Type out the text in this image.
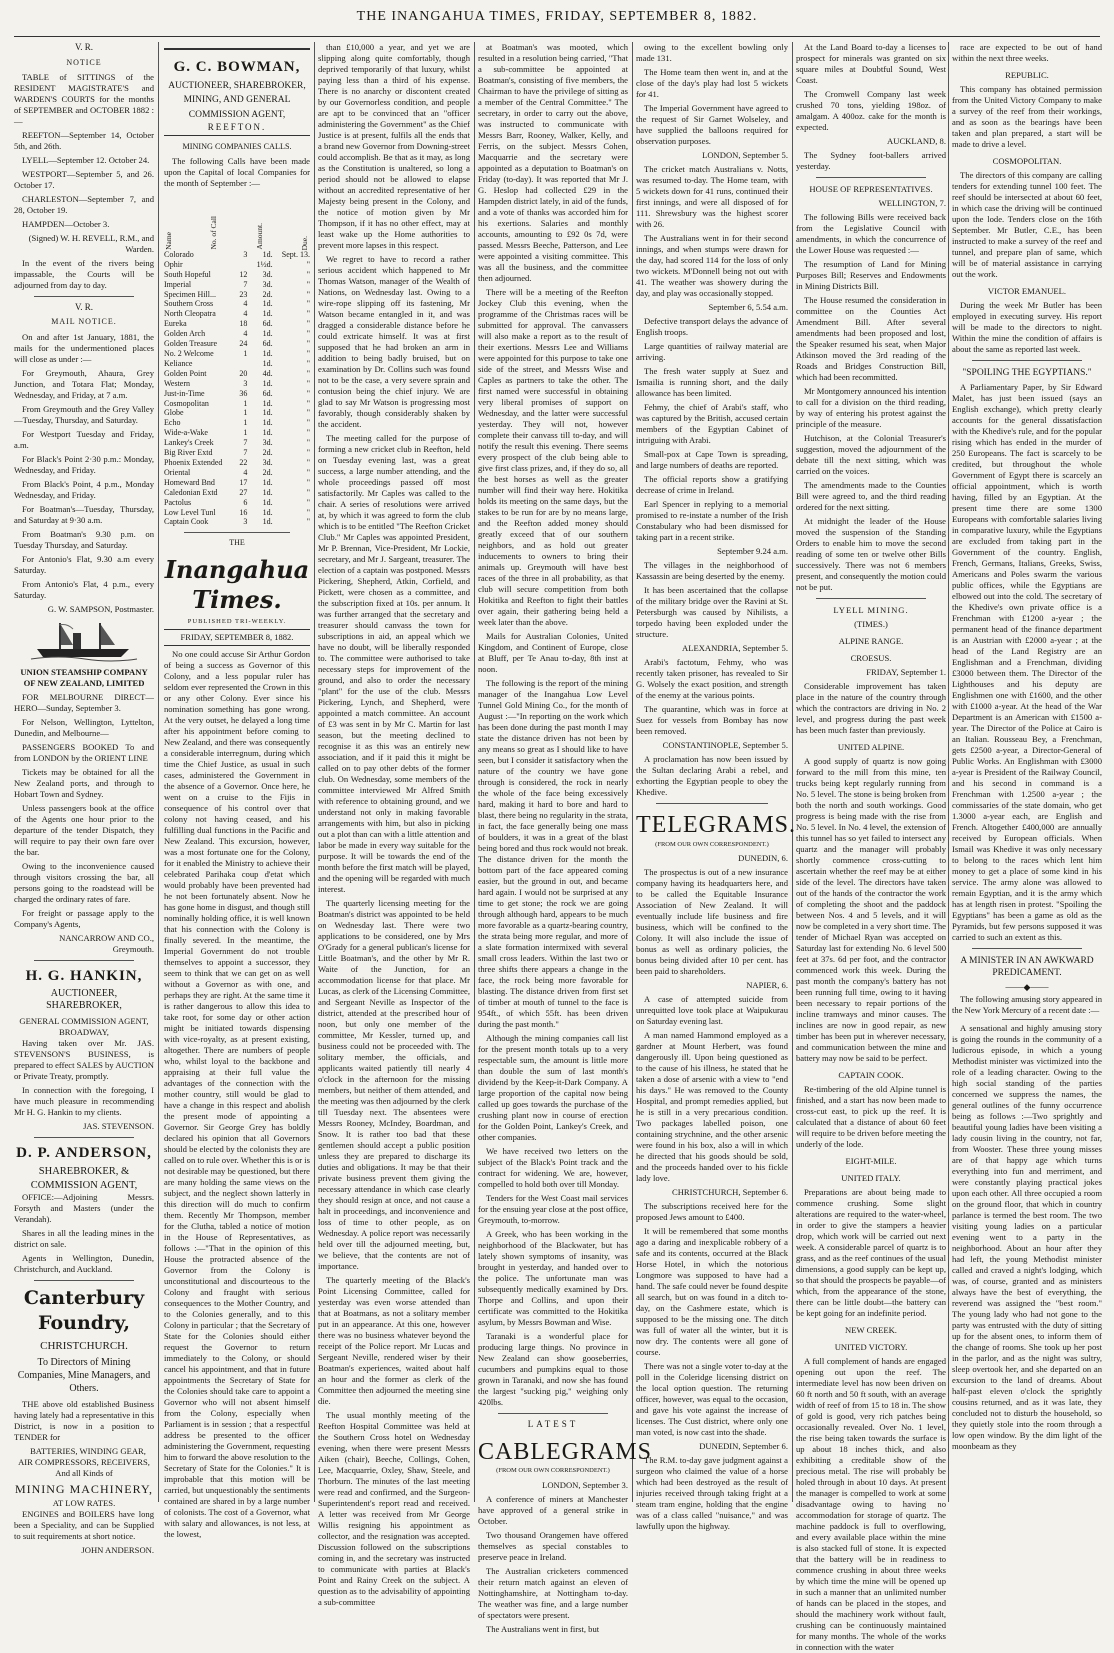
THE INANGAHUA TIMES, FRIDAY, SEPTEMBER 8, 1882.
V. R.
NOTICE

TABLE of SITTINGS of the RESIDENT MAGISTRATE'S and WARDEN'S COURTS for the months of SEPTEMBER and OCTOBER 1882 :—

REEFTON—September 14, October 5th, and 26th.

LYELL—September 12. October 24.

WESTPORT—September 5, and 26. October 17.

CHARLESTON—September 7, and 28, October 19.

HAMPDEN—October 3.

(Signed) W. H. REVELL, R.M., and Warden.

In the event of the rivers being impassable, the Courts will be adjourned from day to day.

V. R.
MAIL NOTICE.

On and after 1st January, 1881, the mails for the undermentioned places will close as under :—

For Greymouth, Ahaura, Grey Junction, and Totara Flat; Monday, Wednesday, and Friday, at 7 a.m.

From Greymouth and the Grey Valley—Tuesday, Thursday, and Saturday.

For Westport Tuesday and Friday, a.m.

For Black's Point 2·30 p.m.: Monday, Wednesday, and Friday.

From Black's Point, 4 p.m., Monday Wednesday, and Friday.

For Boatman's—Tuesday, Thursday, and Saturday at 9·30 a.m.

From Boatman's 9.30 p.m. on Tuesday Thursday, and Saturday.

For Antonio's Flat, 9.30 a.m every Saturday.

From Antonio's Flat, 4 p.m., every Saturday.

G. W. SAMPSON, Postmaster.

UNION STEAMSHIP COMPANY OF NEW ZEALAND, LIMITED

FOR MELBOURNE DIRECT— HERO—Sunday, September 3.

For Nelson, Wellington, Lyttelton, Dunedin, and Melbourne—

PASSENGERS BOOKED To and from LONDON by the ORIENT LINE

Tickets may be obtained for all the New Zealand ports, and through to Hobart Town and Sydney.

Unless passengers book at the office of the Agents one hour prior to the departure of the tender Dispatch, they will require to pay their own fare over the bar.

Owing to the inconvenience caused through visitors crossing the bar, all persons going to the roadstead will be charged the ordinary rates of fare.

For freight or passage apply to the Company's Agents,

NANCARROW AND CO., Greymouth.

H. G. HANKIN,
AUCTIONEER, SHAREBROKER,
GENERAL COMMISSION AGENT, BROADWAY,

Having taken over Mr. JAS. STEVENSON'S BUSINESS, is prepared to effect SALES by AUCTION or Private Treaty, promptly.

In connection with the foregoing, I have much pleasure in recommending Mr H. G. Hankin to my clients.

JAS. STEVENSON.

D. P. ANDERSON,
SHAREBROKER, & COMMISSION AGENT,

OFFICE:—Adjoining Messrs. Forsyth and Masters (under the Verandah).

Shares in all the leading mines in the district on sale.

Agents in Wellington, Dunedin, Christchurch, and Auckland.

Canterbury Foundry,
CHRISTCHURCH.
To Directors of Mining Companies, Mine Managers, and Others.

THE above old established Business having lately had a representative in this District, is now in a position to TENDER for

BATTERIES, WINDING GEAR, AIR COMPRESSORS, RECEIVERS, And all Kinds of

MINING MACHINERY,
AT LOW RATES.

ENGINES and BOILERS have long been a Speciality, and can be Supplied to suit requirements at short notice.

JOHN ANDERSON.

G. C. BOWMAN,
AUCTIONEER, SHAREBROKER, MINING, AND GENERAL COMMISSION AGENT,
REEFTON.
MINING COMPANIES CALLS.

The following Calls have been made upon the Capital of local Companies for the month of September :—

Name	No. of Call	Amount.	Due.
Colorado	3	1d.	Sept. 13.
Ophir	1½d.	"
South Hopeful	12	3d.	"
Imperial	7	3d.	"
Specimen Hill...	23	2d.	"
Southern Cross	4	1d.	"
North Cleopatra	4	1d.	"
Eureka	18	6d.	"
Golden Arch	4	1d.	"
Golden Treasure	24	6d.	"
No. 2 Welcome	1	1d.	"
Keliance	1d.	"
Golden Point	20	4d.	"
Western	3	1d.	"
Just-in-Time	36	6d.	"
Cosmopolitan	1	1d.	"
Globe	1	1d.	"
Echo	1	1d.	"
Wide-a-Wake	1	1d.	"
Lankey's Creek	7	3d.	"
Big River Extd	7	2d.	"
Phoenix Extended	22	3d.	"
Oriental	4	2d.	"
Homeward Bnd	17	1d.	"
Caledonian Extd	27	1d.	"
Pactolus	6	1d.	"
Low Level Tunl	16	1d.	"
Captain Cook	3	1d.	"
THE
Inangahua Times.
PUBLISHED TRI-WEEKLY.
FRIDAY, SEPTEMBER 8, 1882.

No one could accuse Sir Arthur Gordon of being a success as Governor of this Colony, and a less popular ruler has seldom ever represented the Crown in this or any other Colony. Ever since his nomination something has gone wrong. At the very outset, he delayed a long time after his appointment before coming to New Zealand, and there was consequently a considerable interregnum, during which time the Chief Justice, as usual in such cases, administered the Government in the absence of a Governor. Once here, he went on a cruise to the Fijis in consequence of his control over that colony not having ceased, and his fulfilling dual functions in the Pacific and New Zealand. This excursion, however, was a most fortunate one for the Colony, for it enabled the Ministry to achieve their celebrated Parihaka coup d'etat which would probably have been prevented had he not been fortunately absent. Now he has gone home in disgust, and though still nominally holding office, it is well known that his connection with the Colony is finally severed. In the meantime, the Imperial Government do not trouble themselves to appoint a successor, they seem to think that we can get on as well without a Governor as with one, and perhaps they are right. At the same time it is rather dangerous to allow this idea to take root, for some day or other action might be initiated towards dispensing with vice-royalty, as at present existing, altogether. There are numbers of people who, whilst loyal to the backbone and appraising at their full value the advantages of the connection with the mother country, still would be glad to have a change in this respect and abolish the present mode of appointing a Governor. Sir George Grey has boldly declared his opinion that all Governors should be elected by the colonists they are called on to rule over. Whether this is or is not desirable may be questioned, but there are many holding the same views on the subject, and the neglect shown latterly in this direction will do much to confirm them. Recently Mr Thompson, member for the Clutha, tabled a notice of motion in the House of Representatives, as follows :—"That in the opinion of this House the protracted absence of the Governor from the Colony is unconstitutional and discourteous to the Colony and fraught with serious consequences to the Mother Country, and to the Colonies generally, and to this Colony in particular ; that the Secretary of State for the Colonies should either request the Governor to return immediately to the Colony, or should cancel his appointment, and that in future appointments the Secretary of State for the Colonies should take care to appoint a Governor who will not absent himself from the Colony, especially when Parliament is in session ; that a respectful address be presented to the officer administering the Government, requesting him to forward the above resolution to the Secretary of State for the Colonies." It is improbable that this motion will be carried, but unquestionably the sentiments contained are shared in by a large number of colonists. The cost of a Governor, what with salary and allowances, is not less, at the lowest,

than £10,000 a year, and yet we are slipping along quite comfortably, though deprived temporarily of that luxury, whilst paying less than a third of his expense. There is no anarchy or discontent created by our Governorless condition, and people are apt to be convinced that an "officer administering the Government" as the Chief Justice is at present, fulfils all the ends that a brand new Governor from Downing-street could accomplish. Be that as it may, as long as the Constitution is unaltered, so long a period should not be allowed to elapse without an accredited representative of her Majesty being present in the Colony, and the notice of motion given by Mr Thompson, if it has no other effect, may at least wake up the Home authorities to prevent more lapses in this respect.

We regret to have to record a rather serious accident which happened to Mr Thomas Watson, manager of the Wealth of Nations, on Wednesday last. Owing to a wire-rope slipping off its fastening, Mr Watson became entangled in it, and was dragged a considerable distance before he could extricate himself. It was at first supposed that he had broken an arm in addition to being badly bruised, but on examination by Dr. Collins such was found not to be the case, a very severe sprain and contusion being the chief injury. We are glad to say Mr Watson is progressing most favorably, though considerably shaken by the accident.

The meeting called for the purpose of forming a new cricket club in Reefton, held on Tuesday evening last, was a great success, a large number attending, and the whole proceedings passed off most satisfactorily. Mr Caples was called to the chair. A series of resolutions were arrived at, by which it was agreed to form the club which is to be entitled "The Reefton Cricket Club." Mr Caples was appointed President, Mr P. Brennan, Vice-President, Mr Lockie, secretary, and Mr J. Sargeant, treasurer. The election of a captain was postponed. Messrs Pickering, Shepherd, Atkin, Corfield, and Pickett, were chosen as a committee, and the subscription fixed at 10s. per annum. It was further arranged that the secretary and treasurer should canvass the town for subscriptions in aid, an appeal which we have no doubt, will be liberally responded to. The committee were authorised to take necessary steps for improvement of the ground, and also to order the necessary "plant" for the use of the club. Messrs Pickering, Lynch, and Shepherd, were appointed a match committee. An account of £3 was sent in by Mr C. Martin for last season, but the meeting declined to recognise it as this was an entirely new association, and if it paid this it might be called on to pay other debts of the former club. On Wednesday, some members of the committee interviewed Mr Alfred Smith with reference to obtaining ground, and we understand not only in making favorable arrangements with him, but also in picking out a plot than can with a little attention and labor be made in every way suitable for the purpose. It will be towards the end of the month before the first match will be played, and the opening will be regarded with much interest.

The quarterly licensing meeting for the Boatman's district was appointed to be held on Wednesday last. There were two applications to be considered, one by Mrs O'Grady for a general publican's license for Little Boatman's, and the other by Mr R. Waite of the Junction, for an accommodation license for that place. Mr Lucas, as clerk of the Licensing Committee, and Sergeant Neville as Inspector of the district, attended at the prescribed hour of noon, but only one member of the committee, Mr Kessler, turned up, and business could not be proceeded with. The solitary member, the officials, and applicants waited patiently till nearly 4 o'clock in the afternoon for the missing members, but neither of them attended, and the meeting was then adjourned by the clerk till Tuesday next. The absentees were Messrs Rooney, McIndey, Boardman, and Snow. It is rather too bad that these gentlemen should accept a public position unless they are prepared to discharge its duties and obligations. It may be that their private business prevent them giving the necessary attendance in which case clearly they should resign at once, and not cause a halt in proceedings, and inconvenience and loss of time to other people, as on Wednesday. A police report was necessarily held over till the adjourned meeting, but, we believe, that the contents are not of importance.

The quarterly meeting of the Black's Point Licensing Committee, called for yesterday was even worse attended than that at Boatmans, as not a solitary member put in an appearance. At this one, however there was no business whatever beyond the receipt of the Police report. Mr Lucas and Sergeant Neville, rendered wiser by their Boatman's experiences, waited about half an hour and the former as clerk of the Committee then adjourned the meeting sine die.

The usual monthly meeting of the Reefton Hospital Committee was held at the Southern Cross hotel on Wednesday evening, when there were present Messrs Aiken (chair), Beeche, Collings, Cohen, Lee, Macquarrie, Oxley, Shaw, Steele, and Thorburn. The minutes of the last meeting were read and confirmed, and the Surgeon-Superintendent's report read and received. A letter was received from Mr George Willis resigning his appointment as collector, and the resignation was accepted. Discussion followed on the subscriptions coming in, and the secretary was instructed to communicate with parties at Black's Point and Rainy Creek on the subject. A question as to the advisability of appointing a sub-committee

at Boatman's was mooted, which resulted in a resolution being carried, "That a sub-committee be appointed at Boatman's, consisting of five members, the Chairman to have the privilege of sitting as a member of the Central Committee." The secretary, in order to carry out the above, was instructed to communicate with Messrs Barr, Rooney, Walker, Kelly, and Ferris, on the subject. Messrs Cohen, Macquarrie and the secretary were appointed as a deputation to Boatman's on Friday (to-day). It was reported that Mr J. G. Heslop had collected £29 in the Hampden district lately, in aid of the funds, and a vote of thanks was accorded him for his exertions. Salaries and monthly accounts, amounting to £92 0s 7d, were passed. Messrs Beeche, Patterson, and Lee were appointed a visiting committee. This was all the business, and the committee then adjourned.

There will be a meeting of the Reefton Jockey Club this evening, when the programme of the Christmas races will be submitted for approval. The canvassers will also make a report as to the result of their exertions. Messrs Lee and Williams were appointed for this purpose to take one side of the street, and Messrs Wise and Caples as partners to take the other. The first named were successful in obtaining very liberal promises of support on Wednesday, and the latter were successful yesterday. They will not, however complete their canvass till to-day, and will notify the result this evening. There seems every prospect of the club being able to give first class prizes, and, if they do so, all the best horses as well as the greater number will find their way here. Hokitika holds its meeting on the same days, but the stakes to be run for are by no means large, and the Reefton added money should greatly exceed that of our southern neighbors, and as hold out greater inducements to owners to bring their animals up. Greymouth will have best races of the three in all probability, as that club will secure competition from both Hokitika and Reefton to fight their battles over again, their gathering being held a week later than the above.

Mails for Australian Colonies, United Kingdom, and Continent of Europe, close at Bluff, per Te Anau to-day, 8th inst at noon.

The following is the report of the mining manager of the Inangahua Low Level Tunnel Gold Mining Co., for the month of August :—"In reporting on the work which has been done during the past month I may state the distance driven has not been by any means so great as I should like to have seen, but I consider it satisfactory when the nature of the country we have gone through is considered, the rock in nearly the whole of the face being excessively hard, making it hard to bore and hard to blast, there being no regularity in the strata, in fact, the face generally being one mass of boulders, it was in a great of the blast being bored and thus rock would not break. The distance driven for the month the bottom part of the face appeared coming easier, but the ground in out, and became hard again. I would not be surprised at any time to get stone; the rock we are going through although hard, appears to be much more favorable as a quartz-bearing country, the strata being more regular, and more of a slate formation intermixed with several small cross leaders. Within the last two or three shifts there appears a change in the face, the rock being more favorable for blasting. The distance driven from first set of timber at mouth of tunnel to the face is 954ft., of which 55ft. has been driven during the past month."

Although the mining companies call list for the present month totals up to a very respectable sum, the amount is little more than double the sum of last month's dividend by the Keep-it-Dark Company. A large proportion of the capital now being called up goes towards the purchase of the crushing plant now in course of erection for the Golden Point, Lankey's Creek, and other companies.

We have received two letters on the subject of the Black's Point track and the contract for widening. We are, however, compelled to hold both over till Monday.

Tenders for the West Coast mail services for the ensuing year close at the post office, Greymouth, to-morrow.

A Greek, who has been working in the neighborhood of the Blackwater, but has lately shown symptoms of insanity, was brought in yesterday, and handed over to the police. The unfortunate man was subsequently medically examined by Drs. Thorpe and Collins, and upon their certificate was committed to the Hokitika asylum, by Messrs Bowman and Wise.

Taranaki is a wonderful place for producing large things. No province in New Zealand can show gooseberries, cucumbers and pumpkins equal to those grown in Taranaki, and now she has found the largest "sucking pig," weighing only 420lbs.

LATEST
CABLEGRAMS
(FROM OUR OWN CORRESPONDENT.)

LONDON, September 3.

A conference of miners at Manchester have approved of a general strike in October.

Two thousand Orangemen have offered themselves as special constables to preserve peace in Ireland.

The Australian cricketers commenced their return match against an eleven of Nottinghamshire, at Nottingham to-day. The weather was fine, and a large number of spectators were present.

The Australians went in first, but

owing to the excellent bowling only made 131.

The Home team then went in, and at the close of the day's play had lost 5 wickets for 41.

The Imperial Government have agreed to the request of Sir Garnet Wolseley, and have supplied the balloons required for observation purposes.

LONDON, September 5.

The cricket match Australians v. Notts, was resumed to-day. The Home team, with 5 wickets down for 41 runs, continued their first innings, and were all disposed of for 111. Shrewsbury was the highest scorer with 26.

The Australians went in for their second innings, and when stumps were drawn for the day, had scored 114 for the loss of only two wickets. M'Donnell being not out with 41. The weather was showery during the day, and play was occasionally stopped.

September 6, 5.54 a.m.

Defective transport delays the advance of English troops.

Large quantities of railway material are arriving.

The fresh water supply at Suez and Ismailia is running short, and the daily allowance has been limited.

Fehmy, the chief of Arabi's staff, who was captured by the British, accused certain members of the Egyptian Cabinet of intriguing with Arabi.

Small-pox at Cape Town is spreading, and large numbers of deaths are reported.

The official reports show a gratifying decrease of crime in Ireland.

Earl Spencer in replying to a memorial promised to re-instate a number of the Irish Constabulary who had been dismissed for taking part in a recent strike.

September 9.24 a.m.

The villages in the neighborhood of Kassassin are being deserted by the enemy.

It has been ascertained that the collapse of the military bridge over the Ravini at St. Petersburgh was caused by Nihilists, a torpedo having been exploded under the structure.

ALEXANDRIA, September 5.

Arabi's factotum, Fehmy, who was recently taken prisoner, has revealed to Sir G. Wolsely the exact position, and strength of the enemy at the various points.

The quarantine, which was in force at Suez for vessels from Bombay has now been removed.

CONSTANTINOPLE, September 5.

A proclamation has now been issued by the Sultan declaring Arabi a rebel, and exhorting the Egyptian people to obey the Khedive.

TELEGRAMS.
(FROM OUR OWN CORRESPONDENT.)

DUNEDIN, 6.

The prospectus is out of a new insurance company having its headquarters here, and to be called the Equitable Insurance Association of New Zealand. It will eventually include life business and fire business, which will be confined to the Colony. It will also include the issue of bonus as well as ordinary policies, the bonus being divided after 10 per cent. has been paid to shareholders.

NAPIER, 6.

A case of attempted suicide from unrequitted love took place at Waipukurau on Saturday evening last.

A man named Hammond employed as a gardner at Mount Herbert, was found dangerously ill. Upon being questioned as to the cause of his illness, he stated that he taken a dose of arsenic with a view to "end his days." He was removed to the County Hospital, and prompt remedies applied, but he is still in a very precarious condition. Two packages labelled poison, one containing strychnine, and the other arsenic were found in his box, also a will in which he directed that his goods should be sold, and the proceeds handed over to his fickle lady love.

CHRISTCHURCH, September 6.

The subscriptions received here for the proposed Jews amount to £400.

It will be remembered that some months ago a daring and inexplicable robbery of a safe and its contents, occurred at the Black Horse Hotel, in which the notorious Longmore was supposed to have had a hand. The safe could never be found despite all search, but on was found in a ditch to-day, on the Cashmere estate, which is supposed to be the missing one. The ditch was full of water all the winter, but it is now dry. The contents were all gone of course.

There was not a single voter to-day at the poll in the Coleridge licensing district on the local option question. The returning officer, however, was equal to the occasion, and gave his vote against the increase of licenses. The Cust district, where only one man voted, is now cast into the shade.

DUNEDIN, September 6.

The R.M. to-day gave judgment against a surgeon who claimed the value of a horse which had been destroyed as the result of injuries received through taking fright at a steam tram engine, holding that the engine was of a class called "nuisance," and was lawfully upon the highway.

At the Land Board to-day a licenses to prospect for minerals was granted on six square miles at Doubtful Sound, West Coast.

The Cromwell Company last week crushed 70 tons, yielding 198oz. of amalgam. A 400oz. cake for the month is expected.

AUCKLAND, 8.

The Sydney foot-ballers arrived yesterday.

HOUSE OF REPRESENTATIVES.

WELLINGTON, 7.

The following Bills were received back from the Legislative Council with amendments, in which the concurrence of the Lower House was requested :—

The resumption of Land for Mining Purposes Bill; Reserves and Endowments in Mining Districts Bill.

The House resumed the consideration in committee on the Counties Act Amendment Bill. After several amendments had been proposed and lost, the Speaker resumed his seat, when Major Atkinson moved the 3rd reading of the Roads and Bridges Construction Bill, which had been recommitted.

Mr Montgomery announced his intention to call for a division on the third reading, by way of entering his protest against the principle of the measure.

Hutchison, at the Colonial Treasurer's suggestion, moved the adjournment of the debate till the next sitting, which was carried on the voices.

The amendments made to the Counties Bill were agreed to, and the third reading ordered for the next sitting.

At midnight the leader of the House moved the suspension of the Standing Orders to enable him to move the second reading of some ten or twelve other Bills successively. There was not 6 members present, and consequently the motion could not be put.

LYELL MINING.
(TIMES.)
ALPINE RANGE.
CROESUS.

FRIDAY, September 1.

Considerable improvement has taken place in the nature of the country through which the contractors are driving in No. 2 level, and progress during the past week has been much faster than previously.

UNITED ALPINE.

A good supply of quartz is now going forward to the mill from this mine, ten trucks being kept regularly running from No. 5 level. The stone is being broken from both the north and south workings. Good progress is being made with the rise from No. 5 level. In No. 4 level, the extension of this tunnel has so yet failed to intersect any quartz and the manager will probably shortly commence cross-cutting to ascertain whether the reef may be at either side of the level. The directors have taken out of the hands of the contractor the work of completing the shoot and the paddock between Nos. 4 and 5 levels, and it will now be completed in a very short time. The tender of Michael Ryan was accepted on Saturday last for extending No. 6 level 500 feet at 37s. 6d per foot, and the contractor commenced work this week. During the past month the company's battery has not been running full time, owing to it having been necessary to repair portions of the incline tramways and minor causes. The inclines are now in good repair, as new timber has been put in wherever necessary, and communication between the mine and battery may now be said to be perfect.

CAPTAIN COOK.

Re-timbering of the old Alpine tunnel is finished, and a start has now been made to cross-cut east, to pick up the reef. It is calculated that a distance of about 60 feet will require to be driven before meeting the underly of the lode.

EIGHT-MILE.
UNITED ITALY.

Preparations are about being made to commence crushing. Some slight alterations are required to the water-wheel, in order to give the stampers a heavier drop, which work will be carried out next week. A considerable parcel of quartz is to grass, and as the reef continues of the usual dimensions, a good supply can be kept up, so that should the prospects be payable—of which, from the appearance of the stone, there can be little doubt—the battery can be kept going for an indefinite period.

NEW CREEK.
UNITED VICTORY.

A full complement of hands are engaged opening out upon the reef. The intermediate level has now been driven on 60 ft north and 50 ft south, with an average width of reef of from 15 to 18 in. The show of gold is good, very rich patches being occasionally revealed. Over No. 1 level, the rise being taken towards the surface is up about 18 inches thick, and also exhibiting a creditable show of the precious metal. The rise will probably be holed through in about 10 days. At present the manager is compelled to work at some disadvantage owing to having no accommodation for storage of quartz. The machine paddock is full to overflowing, and every available place within the mine is also stacked full of stone. It is expected that the battery will be in readiness to commence crushing in about three weeks by which time the mine will be opened up in such a manner that an unlimited number of hands can be placed in the stopes, and should the machinery work without fault, crushing can be continuously maintained for many months. The whole of the works in connection with the water

race are expected to be out of hand within the next three weeks.

REPUBLIC.

This company has obtained permission from the United Victory Company to make a survey of the reef from their workings, and as soon as the bearings have been taken and plan prepared, a start will be made to drive a level.

COSMOPOLITAN.

The directors of this company are calling tenders for extending tunnel 100 feet. The reef should be intersected at about 60 feet, in which case the driving will be continued upon the lode. Tenders close on the 16th September. Mr Butler, C.E., has been instructed to make a survey of the reef and tunnel, and prepare plan of same, which will be of material assistance in carrying out the work.

VICTOR EMANUEL.

During the week Mr Butler has been employed in executing survey. His report will be made to the directors to night. Within the mine the condition of affairs is about the same as reported last week.

"SPOILING THE EGYPTIANS."

A Parliamentary Paper, by Sir Edward Malet, has just been issued (says an English exchange), which pretty clearly accounts for the general dissatisfaction with the Khedive's rule, and for the popular rising which has ended in the murder of 250 Europeans. The fact is scarcely to be credited, but throughout the whole Government of Egypt there is scarcely an official appointment, which is worth having, filled by an Egyptian. At the present time there are some 1300 Europeans with comfortable salaries living in comparative luxury, while the Egyptians are excluded from taking part in the Government of the country. English, French, Germans, Italians, Greeks, Swiss, Americans and Poles swarm the various public offices, while the Egyptians are elbowed out into the cold. The secretary of the Khedive's own private office is a Frenchman with £1200 a-year ; the permanent head of the finance department is an Austrian with £2000 a-year ; at the head of the Land Registry are an Englishman and a Frenchman, dividing £3000 between them. The Director of the Lighthouses and his deputy are Englishmen one with £1600, and the other with £1000 a-year. At the head of the War Department is an American with £1500 a-year. The Director of the Police at Cairo is an Italian. Rousseau Bey, a Frenchman, gets £2500 a-year, a Director-General of Public Works. An Englishman with £3000 a-year is President of the Railway Council, and his second in command is a Frenchman with 1.2500 a-year ; the commissaries of the state domain, who get 1.3000 a-year each, are English and French. Altogether £400,000 are annually received by European officials. When Ismail was Khedive it was only necessary to belong to the races which lent him money to get a place of some kind in his service. The army alone was allowed to remain Egyptian, and it is the army which has at length risen in protest. "Spoiling the Egyptians" has been a game as old as the Pyramids, but few persons supposed it was carried to such an extent as this.

A MINISTER IN AN AWKWARD PREDICAMENT.
——◆——

The following amusing story appeared in the New York Mercury of a recent date :—

A sensational and highly amusing story is going the rounds in the community of a ludicrous episode, in which a young Methodist minister was victimized into the role of a leading character. Owing to the high social standing of the parties concerned we suppress the names, the general outlines of the funny occurrence being as follows :—Two sprightly and beautiful young ladies have been visiting a lady cousin living in the country, not far, from Wooster. These three young misses are of that happy age which turns everything into fun and merriment, and were constantly playing practical jokes upon each other. All three occupied a room on the ground floor, that which in country parlance is termed the best room. The two visiting young ladies on a particular evening went to a party in the neighborhood. About an hour after they had left, the young Methodist minister called and craved a night's lodging, which was, of course, granted and as ministers always have the best of everything, the reverend was assigned the "best room." The young lady who had not gone to the party was entrusted with the duty of sitting up for the absent ones, to inform them of the change of rooms. She took up her post in the parlor, and as the night was sultry, sleep overtook her, and she departed on an excursion to the land of dreams. About half-past eleven o'clock the sprightly cousins returned, and as it was late, they concluded not to disturb the household, so they quietly stole into the room through a low open window. By the dim light of the moonbeam as they
